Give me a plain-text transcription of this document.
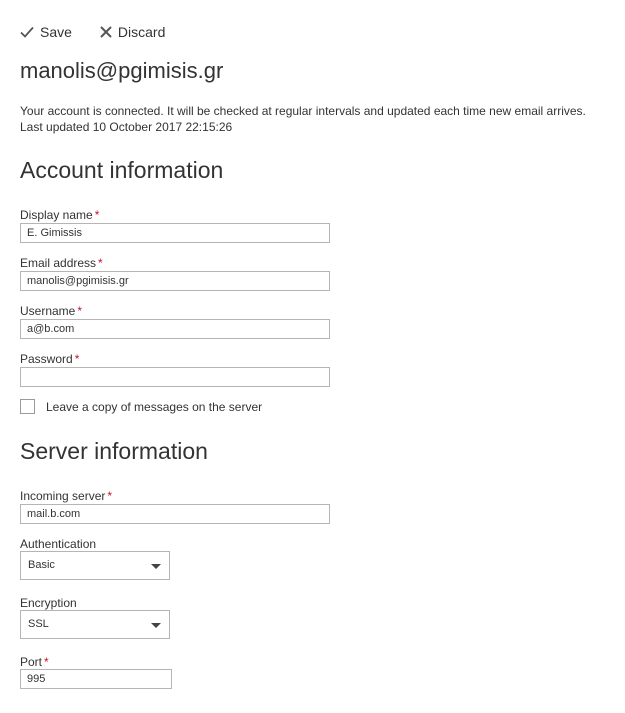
Save	Discard
manolis@pgimisis.gr
Your account is connected. It will be checked at regular intervals and updated each time new email arrives.
Last updated 10 October 2017 22:15:26
Account information
Display name *
E. Gimissis
Email address *
manolis@pgimisis.gr
Username *
a@b.com
Password *
Leave a copy of messages on the server
Server information
Incoming server *
mail.b.com
Authentication
Basic
Encryption
SSL
Port *
995
